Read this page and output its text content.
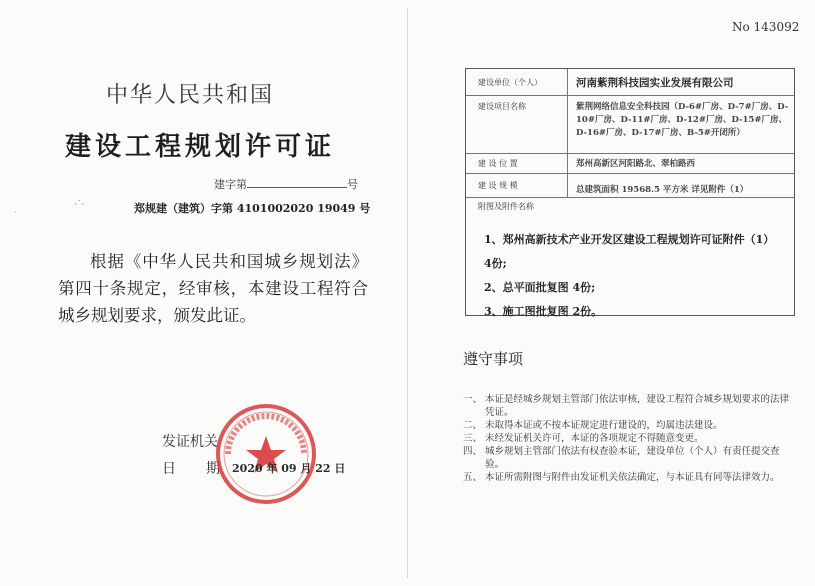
中华人民共和国
建设工程规划许可证
建字第	号
·˙·	郑规建（建筑）字第 4101002020 19049 号
根据《中华人民共和国城乡规划法》第四十条规定，经审核，本建设工程符合城乡规划要求，颁发此证。
发证机关
日 期	2020 年 09 月 22 日
·
No 143092
建设单位（个人）	河南紫荆科技园实业发展有限公司
建设项目名称	紫荆网络信息安全科技园（D-6#厂房、D-7#厂房、D-10#厂房、D-11#厂房、D-12#厂房、D-15#厂房、D-16#厂房、D-17#厂房、B-5#开闭所）
建 设 位 置	郑州高新区河阳路北、翠柏路西
建 设 规 模	总建筑面积 19568.5 平方米 详见附件（1）
附图及附件名称
1、郑州高新技术产业开发区建设工程规划许可证附件（1）
4份;
2、总平面批复图 4份;
3、施工图批复图 2份。
遵守事项
一、 本证是经城乡规划主管部门依法审核，建设工程符合城乡规划要求的法律凭证。
二、 未取得本证或不按本证规定进行建设的，均属违法建设。
三、 未经发证机关许可，本证的各项规定不得随意变更。
四、 城乡规划主管部门依法有权查验本证，建设单位（个人）有责任提交查验。
五、 本证所需附图与附件由发证机关依法确定，与本证具有同等法律效力。
